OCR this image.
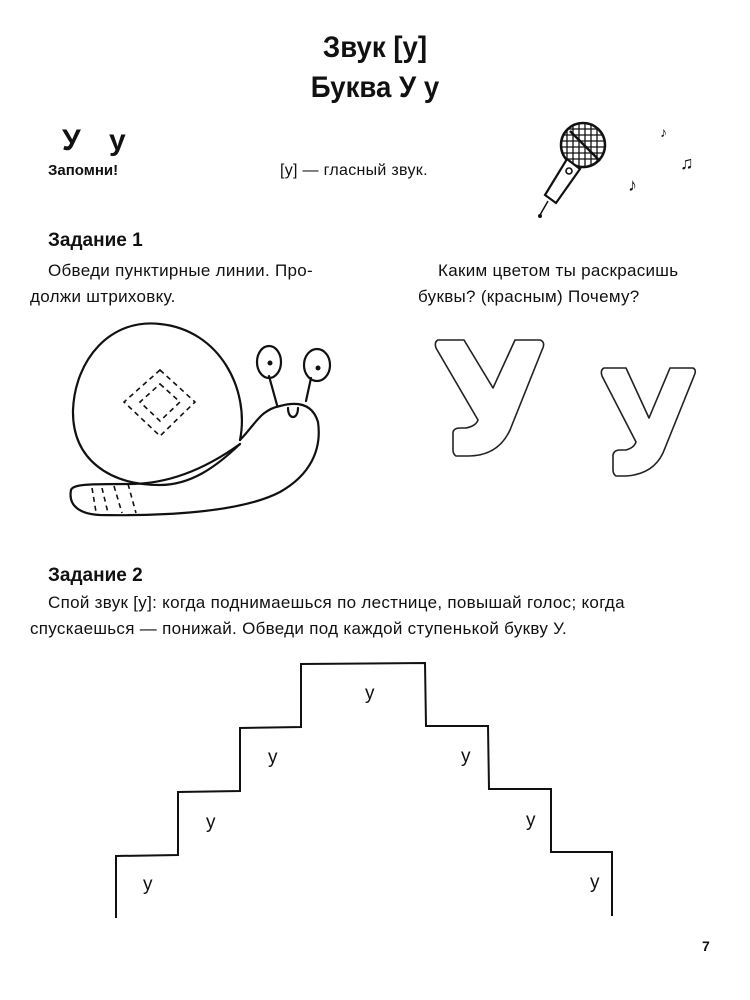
Звук [у]
Буква У у
У у
Запомни!	[у] — гласный звук.
♪
♫
♪
Задание 1
Обведи пунктирные линии. Про-
должи штриховку.
Каким цветом ты раскрасишь
буквы? (красным) Почему?
Задание 2
Спой звук [у]: когда поднимаешься по лестнице, повышай голос; когда
спускаешься — понижай. Обведи под каждой ступенькой букву У.
у
у
у
у
у
у
у
7
